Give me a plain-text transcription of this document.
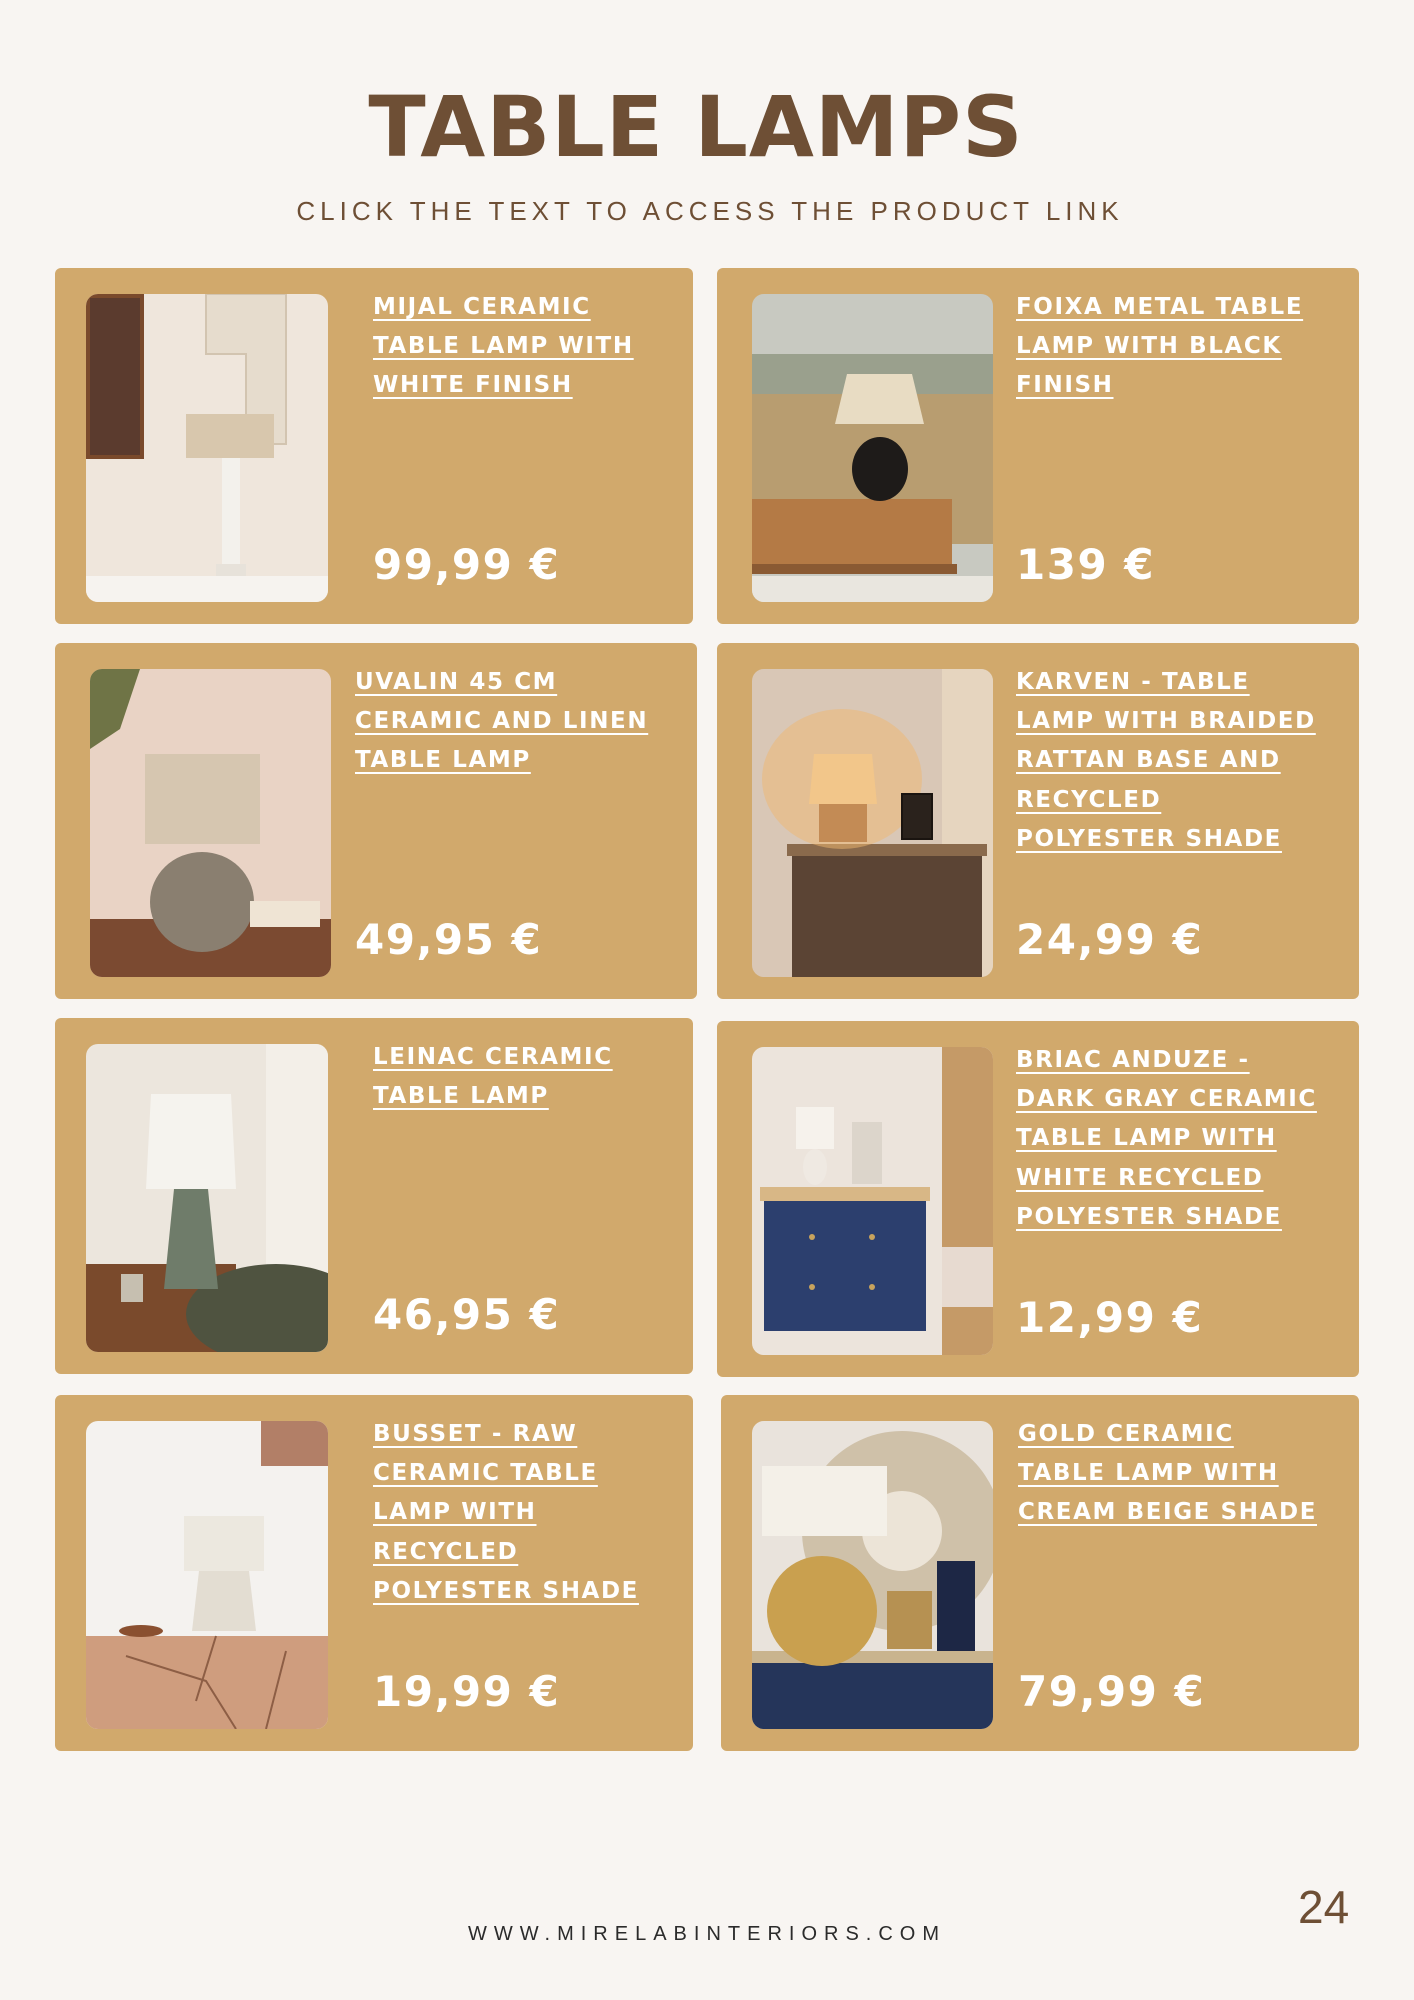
TABLE LAMPS
CLICK THE TEXT TO ACCESS THE PRODUCT LINK
MIJAL CERAMIC TABLE LAMP WITH WHITE FINISH
99,99 €
FOIXA METAL TABLE LAMP WITH BLACK FINISH
139 €
UVALIN 45 CM CERAMIC AND LINEN TABLE LAMP
49,95 €
KARVEN - TABLE LAMP WITH BRAIDED RATTAN BASE AND RECYCLED POLYESTER SHADE
24,99 €
LEINAC CERAMIC TABLE LAMP
46,95 €
BRIAC ANDUZE - DARK GRAY CERAMIC TABLE LAMP WITH WHITE RECYCLED POLYESTER SHADE
12,99 €
BUSSET - RAW CERAMIC TABLE LAMP WITH RECYCLED POLYESTER SHADE
19,99 €
GOLD CERAMIC TABLE LAMP WITH CREAM BEIGE SHADE
79,99 €
WWW.MIRELABINTERIORS.COM
24
